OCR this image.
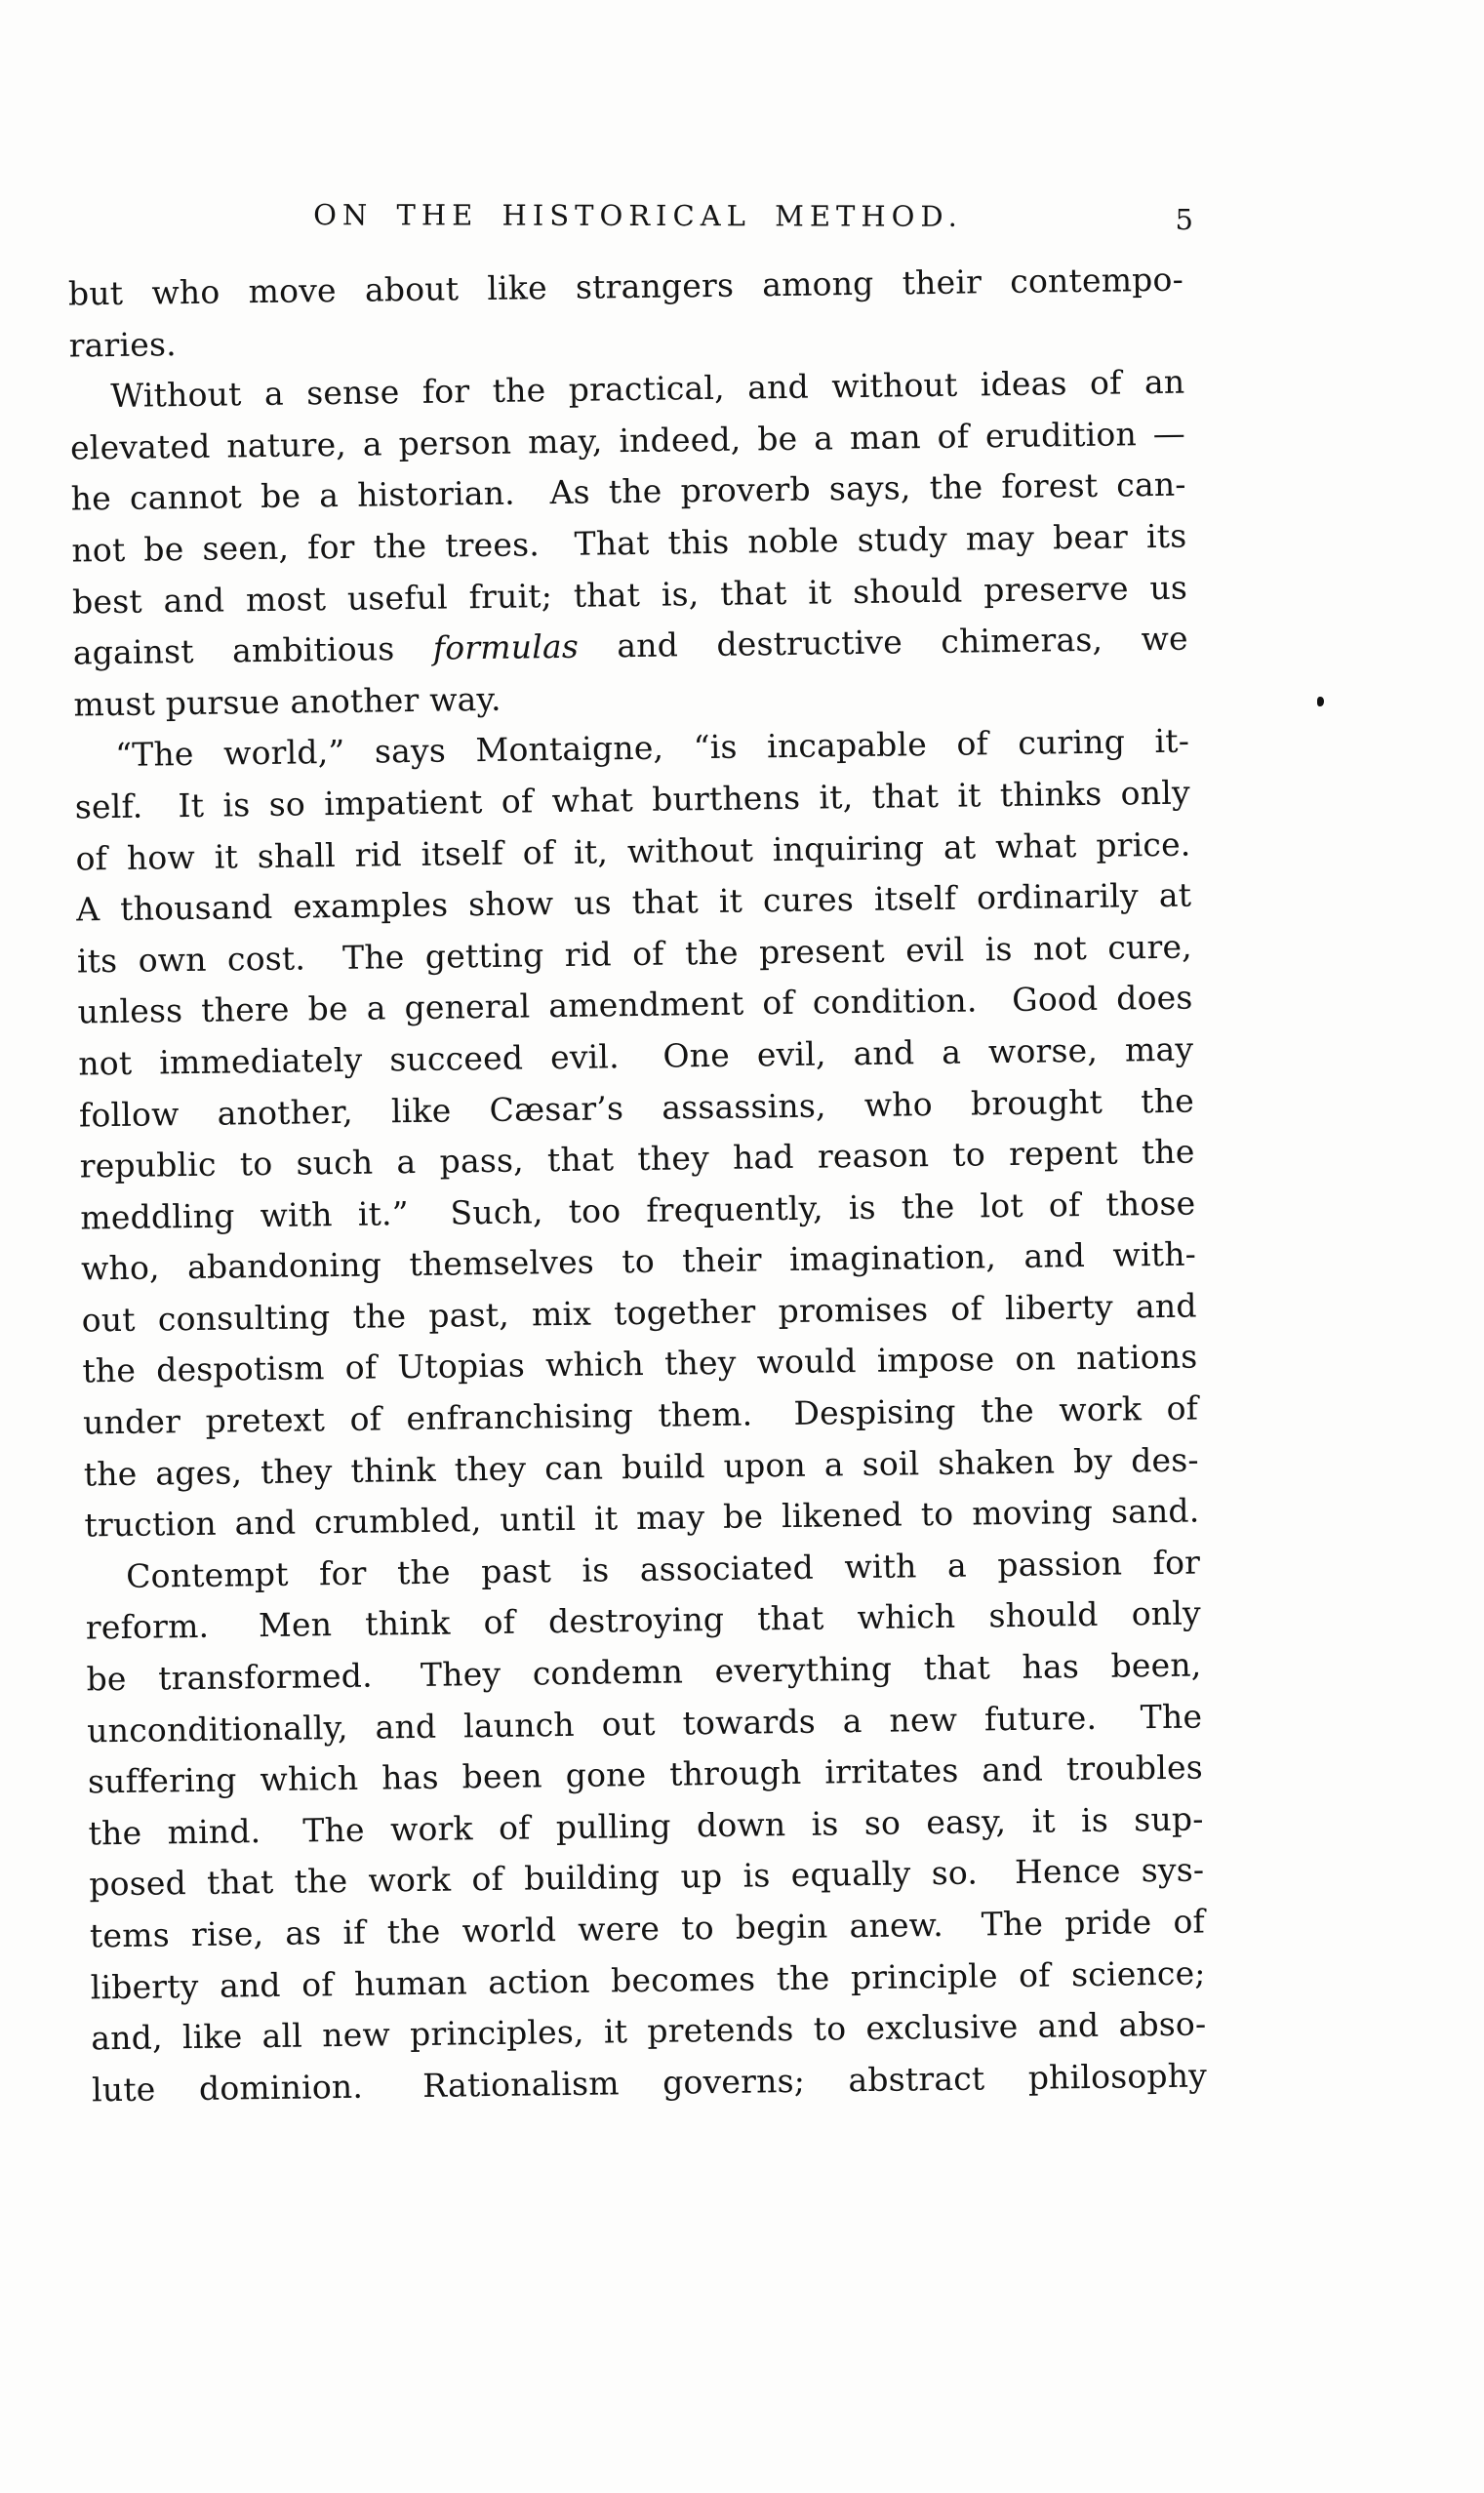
ON THE HISTORICAL METHOD.	5
but who move about like strangers among their contempo-
raries.
Without a sense for the practical, and without ideas of an
elevated nature, a person may, indeed, be a man of erudition —
he cannot be a historian.  As the proverb says, the forest can-
not be seen, for the trees.  That this noble study may bear its
best and most useful fruit; that is, that it should preserve us
against ambitious formulas and destructive chimeras, we
must pursue another way.
“The world,” says Montaigne, “is incapable of curing it-
self.  It is so impatient of what burthens it, that it thinks only
of how it shall rid itself of it, without inquiring at what price.
A thousand examples show us that it cures itself ordinarily at
its own cost.  The getting rid of the present evil is not cure,
unless there be a general amendment of condition.  Good does
not immediately succeed evil.  One evil, and a worse, may
follow another, like Cæsar’s assassins, who brought the
republic to such a pass, that they had reason to repent the
meddling with it.”  Such, too frequently, is the lot of those
who, abandoning themselves to their imagination, and with-
out consulting the past, mix together promises of liberty and
the despotism of Utopias which they would impose on nations
under pretext of enfranchising them.  Despising the work of
the ages, they think they can build upon a soil shaken by des-
truction and crumbled, until it may be likened to moving sand.
Contempt for the past is associated with a passion for
reform.  Men think of destroying that which should only
be transformed.  They condemn everything that has been,
unconditionally, and launch out towards a new future.  The
suffering which has been gone through irritates and troubles
the mind.  The work of pulling down is so easy, it is sup-
posed that the work of building up is equally so.  Hence sys-
tems rise, as if the world were to begin anew.  The pride of
liberty and of human action becomes the principle of science;
and, like all new principles, it pretends to exclusive and abso-
lute dominion.  Rationalism governs; abstract philosophy
